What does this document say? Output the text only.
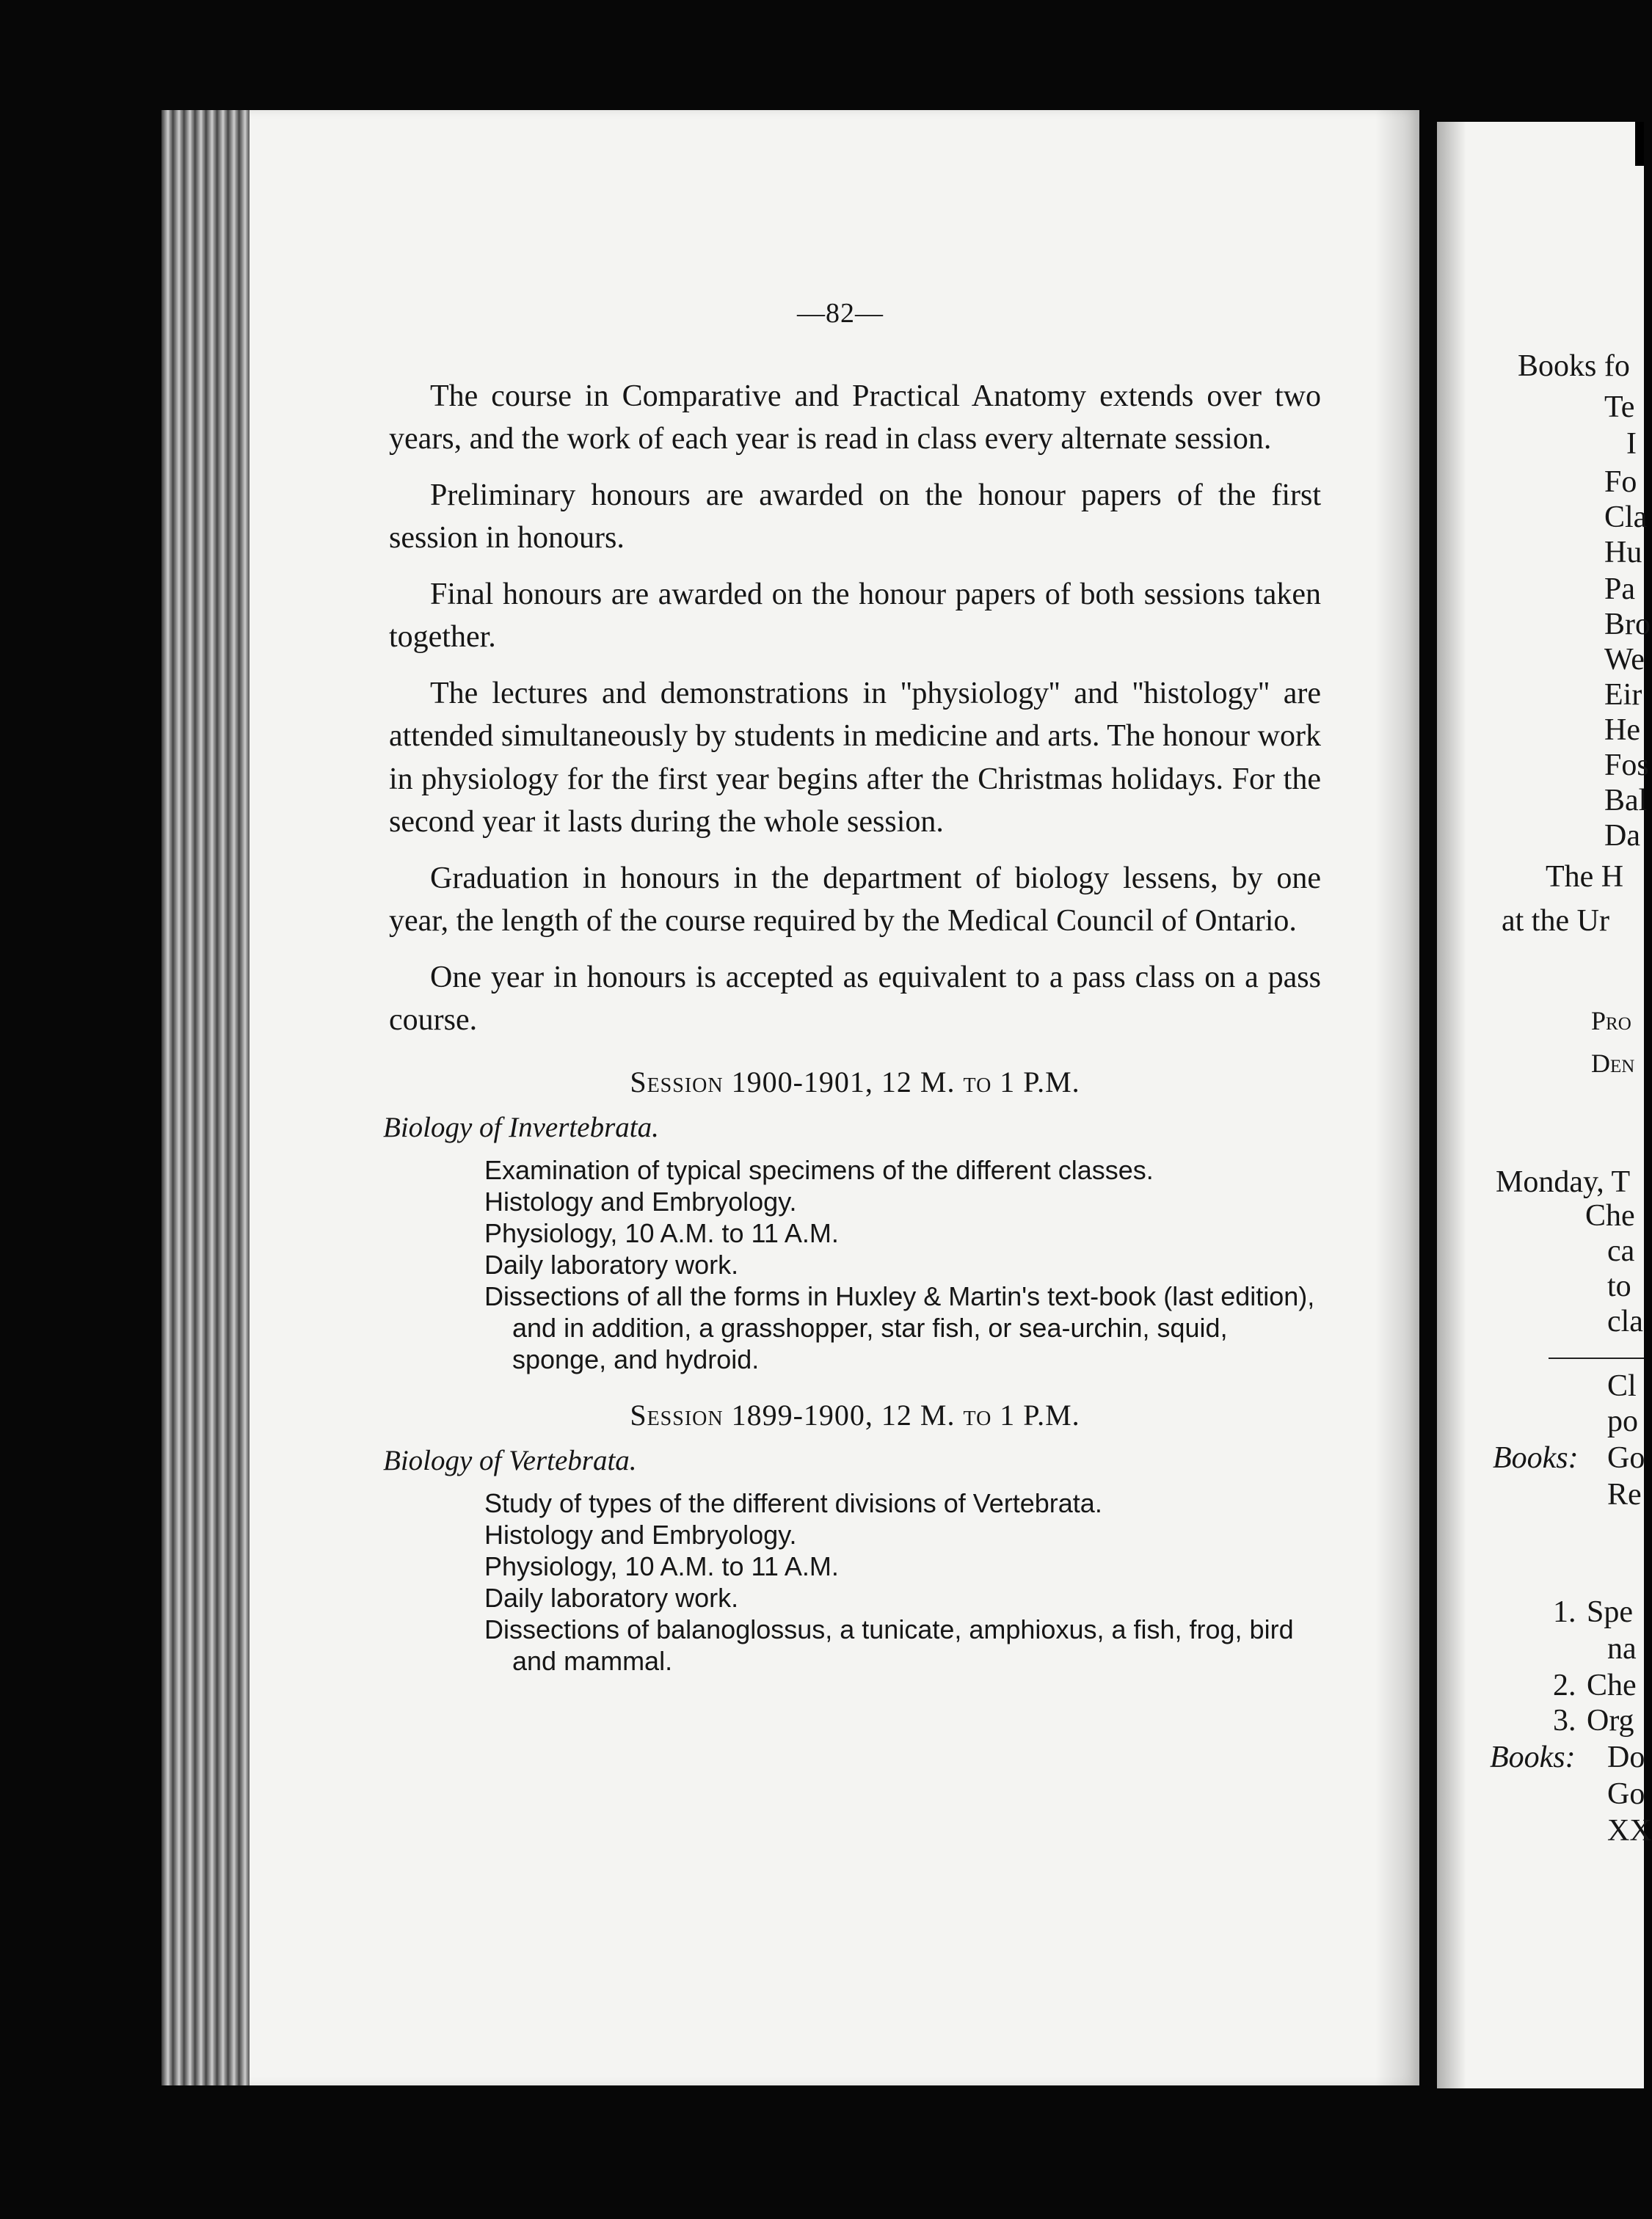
—82—

The course in Comparative and Practical Anatomy extends over two years, and the work of each year is read in class every alternate session.

Preliminary honours are awarded on the honour papers of the first session in honours.

Final honours are awarded on the honour papers of both sessions taken together.

The lectures and demonstrations in ''physiology'' and ''histology'' are attended simultaneously by students in medicine and arts. The honour work in physiology for the first year begins after the Christmas holidays. For the second year it lasts during the whole session.

Graduation in honours in the department of biology lessens, by one year, the length of the course required by the Medical Council of Ontario.

One year in honours is accepted as equivalent to a pass class on a pass course.

Session 1900-1901, 12 M. to 1 P.M.
Biology of Invertebrata.
Examination of typical specimens of the different classes.
Histology and Embryology.
Physiology, 10 A.M. to 11 A.M.
Daily laboratory work.
Dissections of all the forms in Huxley & Martin's text-book (last edition), and in addition, a grasshopper, star fish, or sea-urchin, squid, sponge, and hydroid.
Session 1899-1900, 12 M. to 1 P.M.
Biology of Vertebrata.
Study of types of the different divisions of Vertebrata.
Histology and Embryology.
Physiology, 10 A.M. to 11 A.M.
Daily laboratory work.
Dissections of balanoglossus, a tunicate, amphioxus, a fish, frog, bird and mammal.
Books fo
Te
I
Fo
Cla
Hu
Pa
Bro
We
Eir
He
Fos
Bal
Da
The H
at the Ur
Pro
Den
Monday, T
Che
ca
to
cla
Cl
po
Books: Go
Re
1. Spe
na
2. Che
3. Org
Books: Do
Go
XX
